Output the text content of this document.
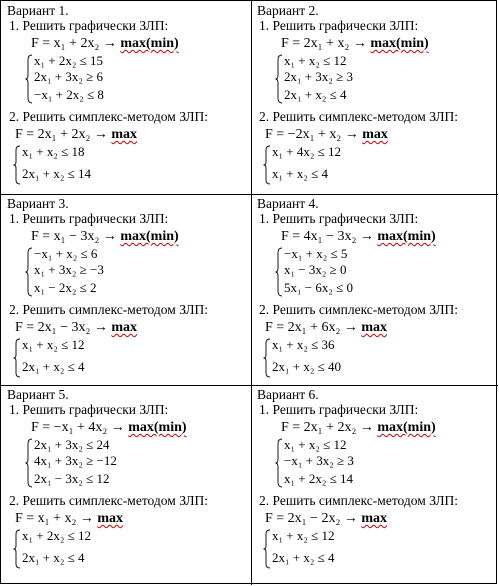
Вариант 1.
1. Решить графически ЗЛП:
F = x₁ + 2x₂ → max(min)
x₁ + 2x₂ ≤ 15
2x₁ + 3x₂ ≥ 6
−x₁ + 2x₂ ≤ 8
2. Решить симплекс-методом ЗЛП:
F = 2x₁ + 2x₂ → max
x₁ + x₂ ≤ 18
2x₁ + x₂ ≤ 14
Вариант 2.
1. Решить графически ЗЛП:
F = 2x₁ + x₂ → max(min)
x₁ + x₂ ≤ 12
2x₁ + 3x₂ ≥ 3
2x₁ + x₂ ≤ 4
2. Решить симплекс-методом ЗЛП:
F = −2x₁ + x₂ → max
x₁ + 4x₂ ≤ 12
x₁ + x₂ ≤ 4
Вариант 3.
1. Решить графически ЗЛП:
F = x₁ − 3x₂ → max(min)
−x₁ + x₂ ≤ 6
x₁ + 3x₂ ≥ −3
x₁ − 2x₂ ≤ 2
2. Решить симплекс-методом ЗЛП:
F = 2x₁ − 3x₂ → max
x₁ + x₂ ≤ 12
2x₁ + x₂ ≤ 4
Вариант 4.
1. Решить графически ЗЛП:
F = 4x₁ − 3x₂ → max(min)
−x₁ + x₂ ≤ 5
x₁ − 3x₂ ≥ 0
5x₁ − 6x₂ ≤ 0
2. Решить симплекс-методом ЗЛП:
F = 2x₁ + 6x₂ → max
x₁ + x₂ ≤ 36
2x₁ + x₂ ≤ 40
Вариант 5.
1. Решить графически ЗЛП:
F = −x₁ + 4x₂ → max(min)
2x₁ + 3x₂ ≤ 24
4x₁ + 3x₂ ≥ −12
2x₁ − 3x₂ ≤ 12
2. Решить симплекс-методом ЗЛП:
F = x₁ + x₂ → max
x₁ + 2x₂ ≤ 12
2x₁ + x₂ ≤ 4
Вариант 6.
1. Решить графически ЗЛП:
F = 2x₁ + 2x₂ → max(min)
x₁ + x₂ ≤ 12
−x₁ + 3x₂ ≥ 3
x₁ + 2x₂ ≤ 14
2. Решить симплекс-методом ЗЛП:
F = 2x₁ − 2x₂ → max
x₁ + x₂ ≤ 12
2x₁ + x₂ ≤ 4
